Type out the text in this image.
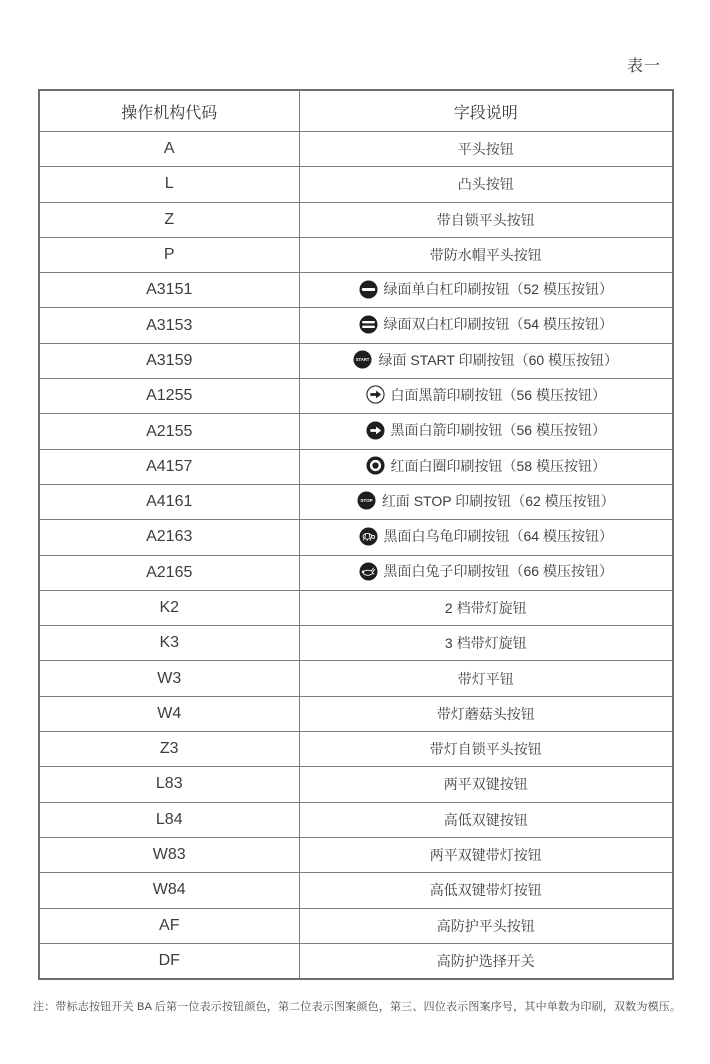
表一
操作机构代码	字段说明
A	平头按钮

L	凸头按钮

Z	带自锁平头按钮

P	带防水帽平头按钮

A3151	绿面单白杠印刷按钮（52 模压按钮）

A3153	绿面双白杠印刷按钮（54 模压按钮）

A3159	START 绿面 START 印刷按钮（60 模压按钮）

A1255	白面黑箭印刷按钮（56 模压按钮）

A2155	黑面白箭印刷按钮（56 模压按钮）

A4157	红面白圈印刷按钮（58 模压按钮）

A4161	STOP 红面 STOP 印刷按钮（62 模压按钮）

A2163	黑面白乌龟印刷按钮（64 模压按钮）

A2165	黑面白兔子印刷按钮（66 模压按钮）

K2	2 档带灯旋钮

K3	3 档带灯旋钮

W3	带灯平钮

W4	带灯蘑菇头按钮

Z3	带灯自锁平头按钮

L83	两平双键按钮

L84	高低双键按钮

W83	两平双键带灯按钮

W84	高低双键带灯按钮

AF	高防护平头按钮

DF	高防护选择开关
注：带标志按钮开关 BA 后第一位表示按钮颜色，第二位表示图案颜色，第三、四位表示图案序号，其中单数为印刷，双数为模压。
